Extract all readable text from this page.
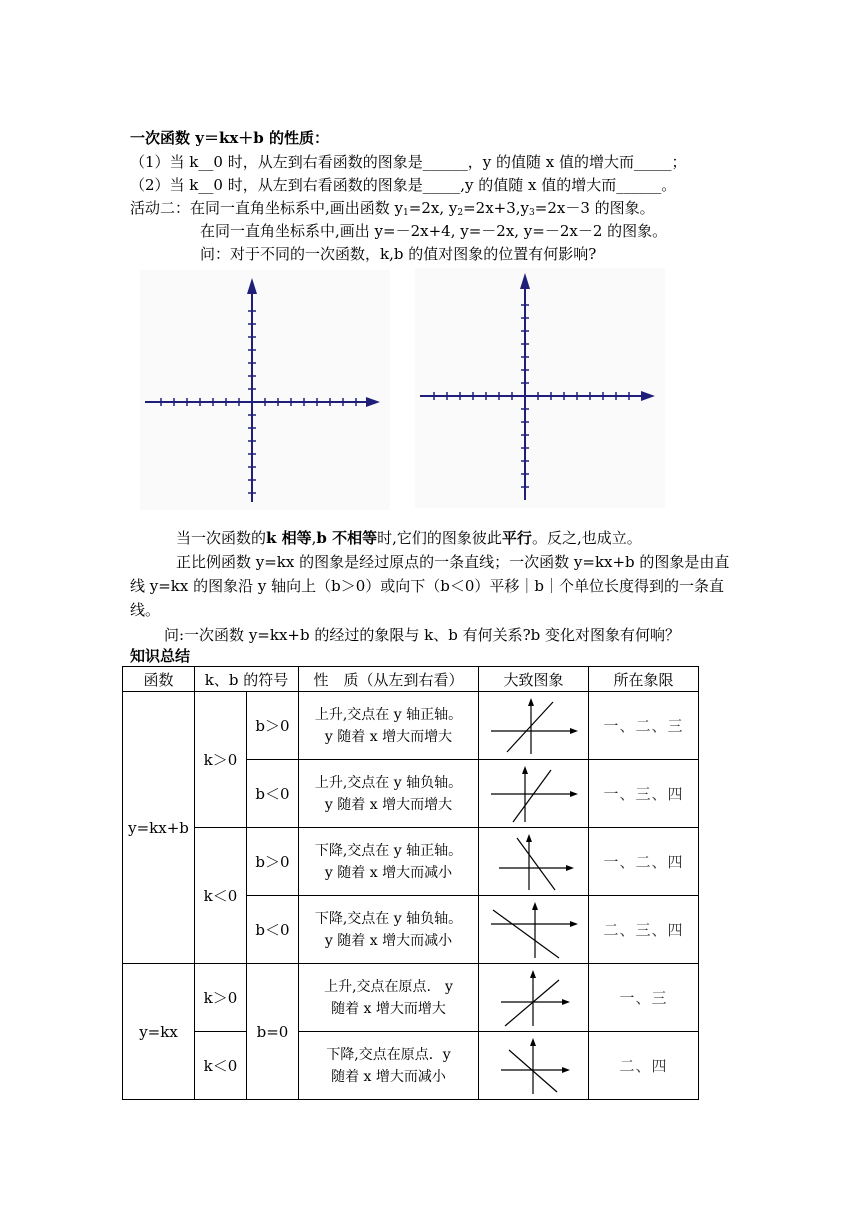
一次函数 y＝kx＋b 的性质：
（1）当 k__0 时，从左到右看函数的图象是______，y 的值随 x 值的增大而_____；
（2）当 k__0 时，从左到右看函数的图象是_____,y 的值随 x 值的增大而______。
活动二：在同一直角坐标系中,画出函数 $y_1=2x$, $y_2=2x+3,y_3=2x-3$ 的图象。
在同一直角坐标系中,画出 y=－2x+4, y=－2x, y=－2x－2 的图象。
问：对于不同的一次函数，k,b 的值对图象的位置有何影响?
当一次函数的k 相等,b 不相等时,它们的图象彼此平行。反之,也成立。
正比例函数 y=kx 的图象是经过原点的一条直线；一次函数 y=kx+b 的图象是由直线 y=kx 的图象沿 y 轴向上（b＞0）或向下（b＜0）平移｜b｜个单位长度得到的一条直线。
问:一次函数 y=kx+b 的经过的象限与 k、b 有何关系?b 变化对图象有何响？
知识总结
函数	k、b 的符号		性　质（从左到右看）	大致图象	所在象限
y=kx+b	k＞0	b＞0	上升,交点在 y 轴正轴。
y 随着 x 增大而增大		一、二、三
		b＜0	上升,交点在 y 轴负轴。
y 随着 x 增大而增大		一、三、四
	k＜0	b＞0	下降,交点在 y 轴正轴。
y 随着 x 增大而减小		一、二、四
		b＜0	下降,交点在 y 轴负轴。
y 随着 x 增大而减小		二、三、四
y=kx	k＞0	b=0	上升,交点在原点.　y
随着 x 增大而增大		一、三
	k＜0		下降,交点在原点．y
随着 x 增大而减小		二、四
